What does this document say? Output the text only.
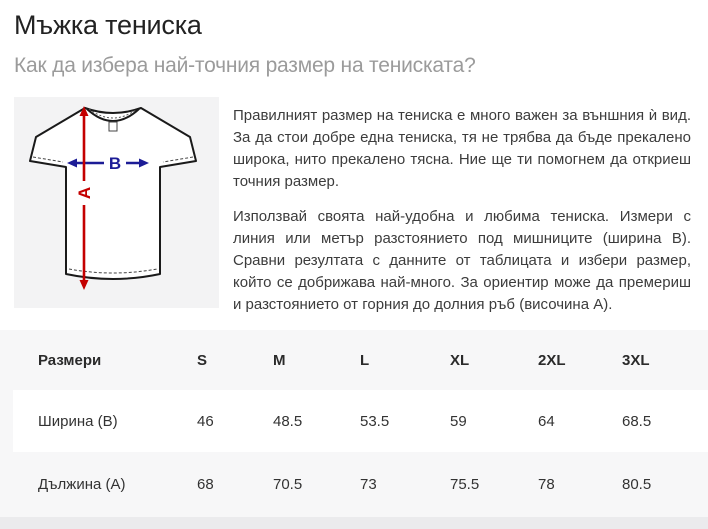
Мъжка тениска
Как да избера най-точния размер на тениската?
B
A

Правилният размер на тениска е много важен за външния ѝ вид. За да стои добре една тениска, тя не трябва да бъде прекалено широка, нито прекалено тясна. Ние ще ти помогнем да откриеш точния размер.

Използвай своята най-удобна и любима тениска. Измери с линия или метър разстоянието под мишниците (ширина B). Сравни резултата с данните от таблицата и избери размер, който се добрижава най-много. За ориентир може да премериш и разстоянието от горния до долния ръб (височина A).

Размери	S	M	L	XL	2XL	3XL
Ширина (B)	46	48.5	53.5	59	64	68.5
Дължина (A)	68	70.5	73	75.5	78	80.5
